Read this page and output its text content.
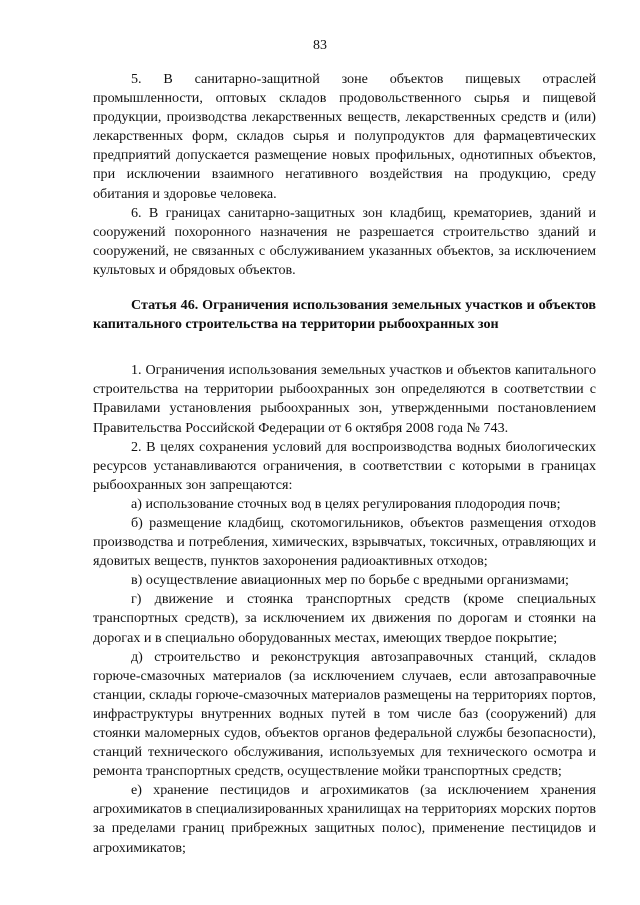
83

5. В санитарно-защитной зоне объектов пищевых отраслей промышленности, оптовых складов продовольственного сырья и пищевой продукции, производства лекарственных веществ, лекарственных средств и (или) лекарственных форм, складов сырья и полупродуктов для фармацевтических предприятий допускается размещение новых профильных, однотипных объектов, при исключении взаимного негативного воздействия на продукцию, среду обитания и здоровье человека.

6. В границах санитарно-защитных зон кладбищ, крематориев, зданий и сооружений похоронного назначения не разрешается строительство зданий и сооружений, не связанных с обслуживанием указанных объектов, за исключением культовых и обрядовых объектов.

Статья 46. Ограничения использования земельных участков и объектов капитального строительства на территории рыбоохранных зон

1. Ограничения использования земельных участков и объектов капитального строительства на территории рыбоохранных зон определяются в соответствии с Правилами установления рыбоохранных зон, утвержденными постановлением Правительства Российской Федерации от 6 октября 2008 года № 743.

2. В целях сохранения условий для воспроизводства водных биологических ресурсов устанавливаются ограничения, в соответствии с которыми в границах рыбоохранных зон запрещаются:

а) использование сточных вод в целях регулирования плодородия почв;

б) размещение кладбищ, скотомогильников, объектов размещения отходов производства и потребления, химических, взрывчатых, токсичных, отравляющих и ядовитых веществ, пунктов захоронения радиоактивных отходов;

в) осуществление авиационных мер по борьбе с вредными организмами;

г) движение и стоянка транспортных средств (кроме специальных транспортных средств), за исключением их движения по дорогам и стоянки на дорогах и в специально оборудованных местах, имеющих твердое покрытие;

д) строительство и реконструкция автозаправочных станций, складов горюче-смазочных материалов (за исключением случаев, если автозаправочные станции, склады горюче-смазочных материалов размещены на территориях портов, инфраструктуры внутренних водных путей в том числе баз (сооружений) для стоянки маломерных судов, объектов органов федеральной службы безопасности), станций технического обслуживания, используемых для технического осмотра и ремонта транспортных средств, осуществление мойки транспортных средств;

е) хранение пестицидов и агрохимикатов (за исключением хранения агрохимикатов в специализированных хранилищах на территориях морских портов за пределами границ прибрежных защитных полос), применение пестицидов и агрохимикатов;
